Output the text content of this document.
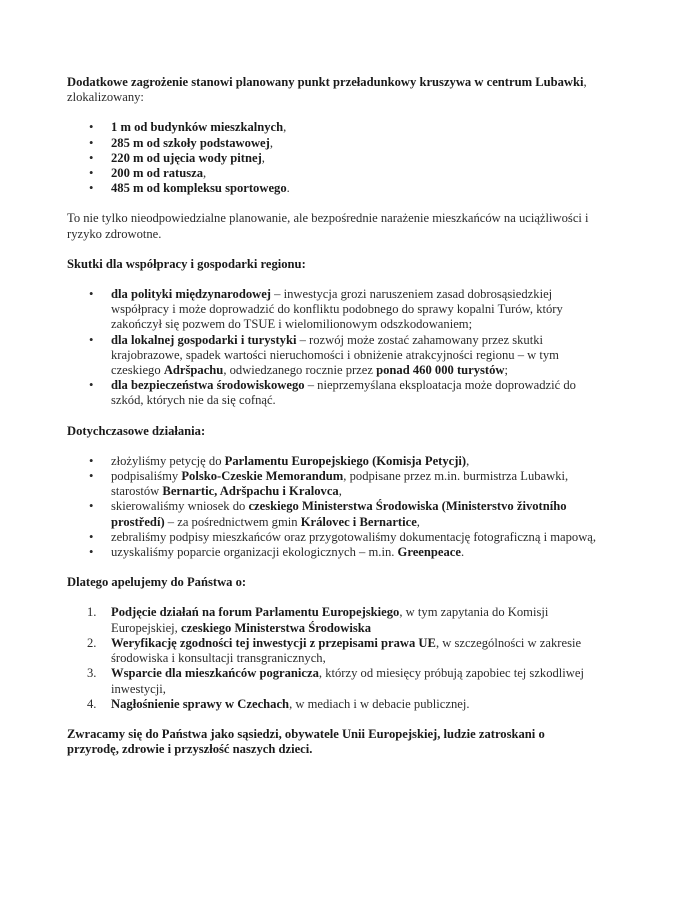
Dodatkowe zagrożenie stanowi planowany punkt przeładunkowy kruszywa w centrum Lubawki, zlokalizowany:

• 1 m od budynków mieszkalnych,
• 285 m od szkoły podstawowej,
• 220 m od ujęcia wody pitnej,
• 200 m od ratusza,
• 485 m od kompleksu sportowego.

To nie tylko nieodpowiedzialne planowanie, ale bezpośrednie narażenie mieszkańców na uciążliwości i ryzyko zdrowotne.

Skutki dla współpracy i gospodarki regionu:

• dla polityki międzynarodowej – inwestycja grozi naruszeniem zasad dobrosąsiedzkiej współpracy i może doprowadzić do konfliktu podobnego do sprawy kopalni Turów, który zakończył się pozwem do TSUE i wielomilionowym odszkodowaniem;
• dla lokalnej gospodarki i turystyki – rozwój może zostać zahamowany przez skutki krajobrazowe, spadek wartości nieruchomości i obniżenie atrakcyjności regionu – w tym czeskiego Adršpachu, odwiedzanego rocznie przez ponad 460 000 turystów;
• dla bezpieczeństwa środowiskowego – nieprzemyślana eksploatacja może doprowadzić do szkód, których nie da się cofnąć.

Dotychczasowe działania:

• złożyliśmy petycję do Parlamentu Europejskiego (Komisja Petycji),
• podpisaliśmy Polsko-Czeskie Memorandum, podpisane przez m.in. burmistrza Lubawki, starostów Bernartic, Adršpachu i Kralovca,
• skierowaliśmy wniosek do czeskiego Ministerstwa Środowiska (Ministerstvo životního prostředí) – za pośrednictwem gmin Královec i Bernartice,
• zebraliśmy podpisy mieszkańców oraz przygotowaliśmy dokumentację fotograficzną i mapową,
• uzyskaliśmy poparcie organizacji ekologicznych – m.in. Greenpeace.

Dlatego apelujemy do Państwa o:

1. Podjęcie działań na forum Parlamentu Europejskiego, w tym zapytania do Komisji Europejskiej, czeskiego Ministerstwa Środowiska
2. Weryfikację zgodności tej inwestycji z przepisami prawa UE, w szczególności w zakresie środowiska i konsultacji transgranicznych,
3. Wsparcie dla mieszkańców pogranicza, którzy od miesięcy próbują zapobiec tej szkodliwej inwestycji,
4. Nagłośnienie sprawy w Czechach, w mediach i w debacie publicznej.

Zwracamy się do Państwa jako sąsiedzi, obywatele Unii Europejskiej, ludzie zatroskani o przyrodę, zdrowie i przyszłość naszych dzieci.
